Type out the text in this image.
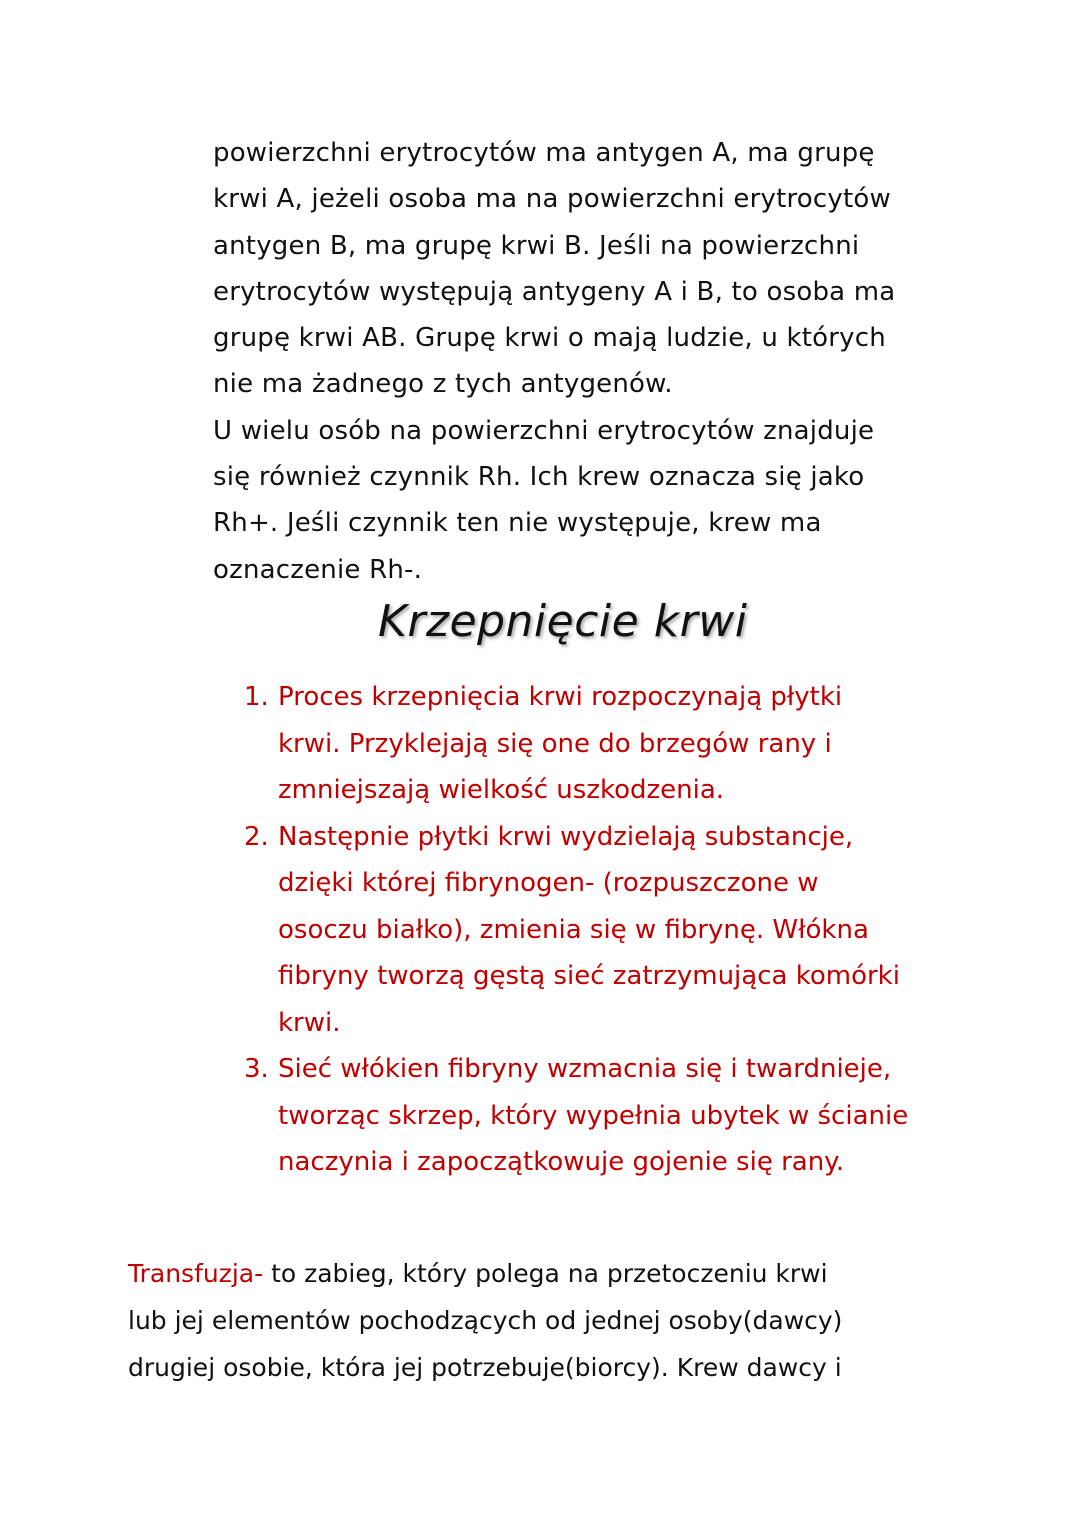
powierzchni erytrocytów ma antygen A, ma grupę
krwi A, jeżeli osoba ma na powierzchni erytrocytów
antygen B, ma grupę krwi B. Jeśli na powierzchni
erytrocytów występują antygeny A i B, to osoba ma
grupę krwi AB. Grupę krwi o mają ludzie, u których
nie ma żadnego z tych antygenów.
U wielu osób na powierzchni erytrocytów znajduje
się również czynnik Rh. Ich krew oznacza się jako
Rh+. Jeśli czynnik ten nie występuje, krew ma
oznaczenie Rh-.
Krzepnięcie krwi
1. Proces krzepnięcia krwi rozpoczynają płytki
krwi. Przyklejają się one do brzegów rany i
zmniejszają wielkość uszkodzenia.
2. Następnie płytki krwi wydzielają substancje,
dzięki której fibrynogen- (rozpuszczone w
osoczu białko), zmienia się w fibrynę. Włókna
fibryny tworzą gęstą sieć zatrzymująca komórki
krwi.
3. Sieć włókien fibryny wzmacnia się i twardnieje,
tworząc skrzep, który wypełnia ubytek w ścianie
naczynia i zapoczątkowuje gojenie się rany.
Transfuzja- to zabieg, który polega na przetoczeniu krwi
lub jej elementów pochodzących od jednej osoby(dawcy)
drugiej osobie, która jej potrzebuje(biorcy). Krew dawcy i
